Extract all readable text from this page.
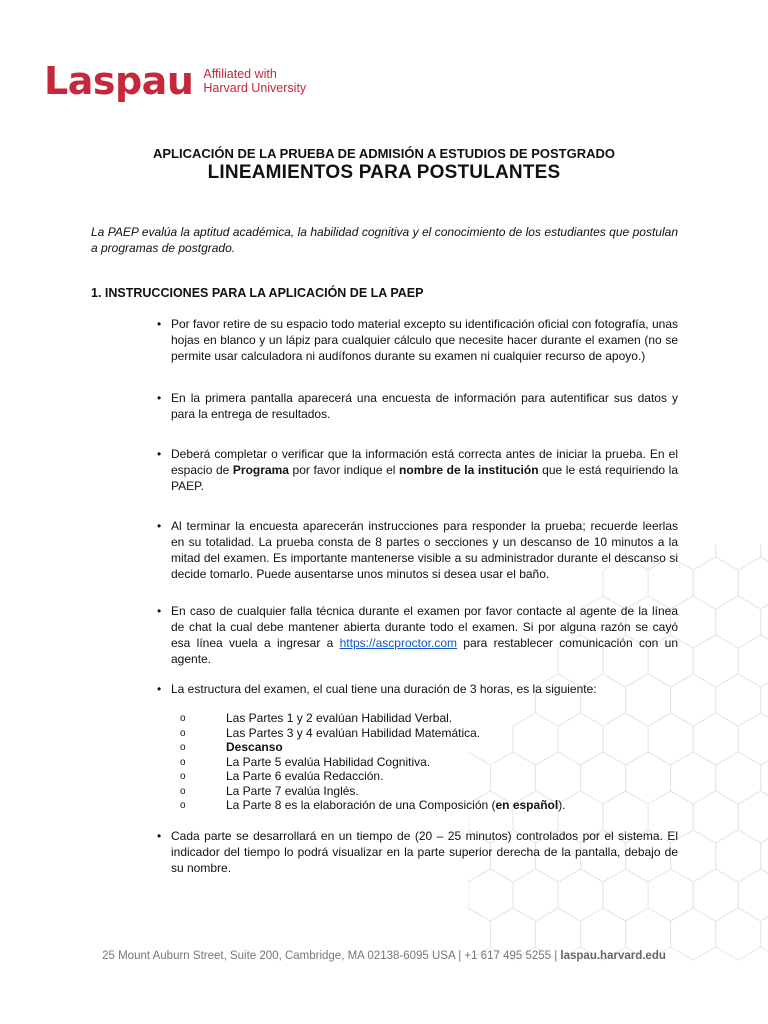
Laspau Affiliated with
Harvard University
APLICACIÓN DE LA PRUEBA DE ADMISIÓN A ESTUDIOS DE POSTGRADO
LINEAMIENTOS PARA POSTULANTES
La PAEP evalúa la aptitud académica, la habilidad cognitiva y el conocimiento de los estudiantes que postulan a programas de postgrado.
1. INSTRUCCIONES PARA LA APLICACIÓN DE LA PAEP
• Por favor retire de su espacio todo material excepto su identificación oficial con fotografía, unas hojas en blanco y un lápiz para cualquier cálculo que necesite hacer durante el examen (no se permite usar calculadora ni audífonos durante su examen ni cualquier recurso de apoyo.)
• En la primera pantalla aparecerá una encuesta de información para autentificar sus datos y para la entrega de resultados.
• Deberá completar o verificar que la información está correcta antes de iniciar la prueba. En el espacio de Programa por favor indique el nombre de la institución que le está requiriendo la PAEP.
• Al terminar la encuesta aparecerán instrucciones para responder la prueba; recuerde leerlas en su totalidad. La prueba consta de 8 partes o secciones y un descanso de 10 minutos a la mitad del examen. Es importante mantenerse visible a su administrador durante el descanso si decide tomarlo. Puede ausentarse unos minutos si desea usar el baño.
• En caso de cualquier falla técnica durante el examen por favor contacte al agente de la línea de chat la cual debe mantener abierta durante todo el examen. Si por alguna razón se cayó esa línea vuela a ingresar a https://ascproctor.com para restablecer comunicación con un agente.
• La estructura del examen, el cual tiene una duración de 3 horas, es la siguiente:
o	Las Partes 1 y 2 evalúan Habilidad Verbal.
o	Las Partes 3 y 4 evalúan Habilidad Matemática.
o	Descanso
o	La Parte 5 evalúa Habilidad Cognitiva.
o	La Parte 6 evalúa Redacción.
o	La Parte 7 evalúa Inglés.
o	La Parte 8 es la elaboración de una Composición (en español).
• Cada parte se desarrollará en un tiempo de (20 – 25 minutos) controlados por el sistema. El indicador del tiempo lo podrá visualizar en la parte superior derecha de la pantalla, debajo de su nombre.
25 Mount Auburn Street, Suite 200, Cambridge, MA 02138-6095 USA | +1 617 495 5255 | laspau.harvard.edu
